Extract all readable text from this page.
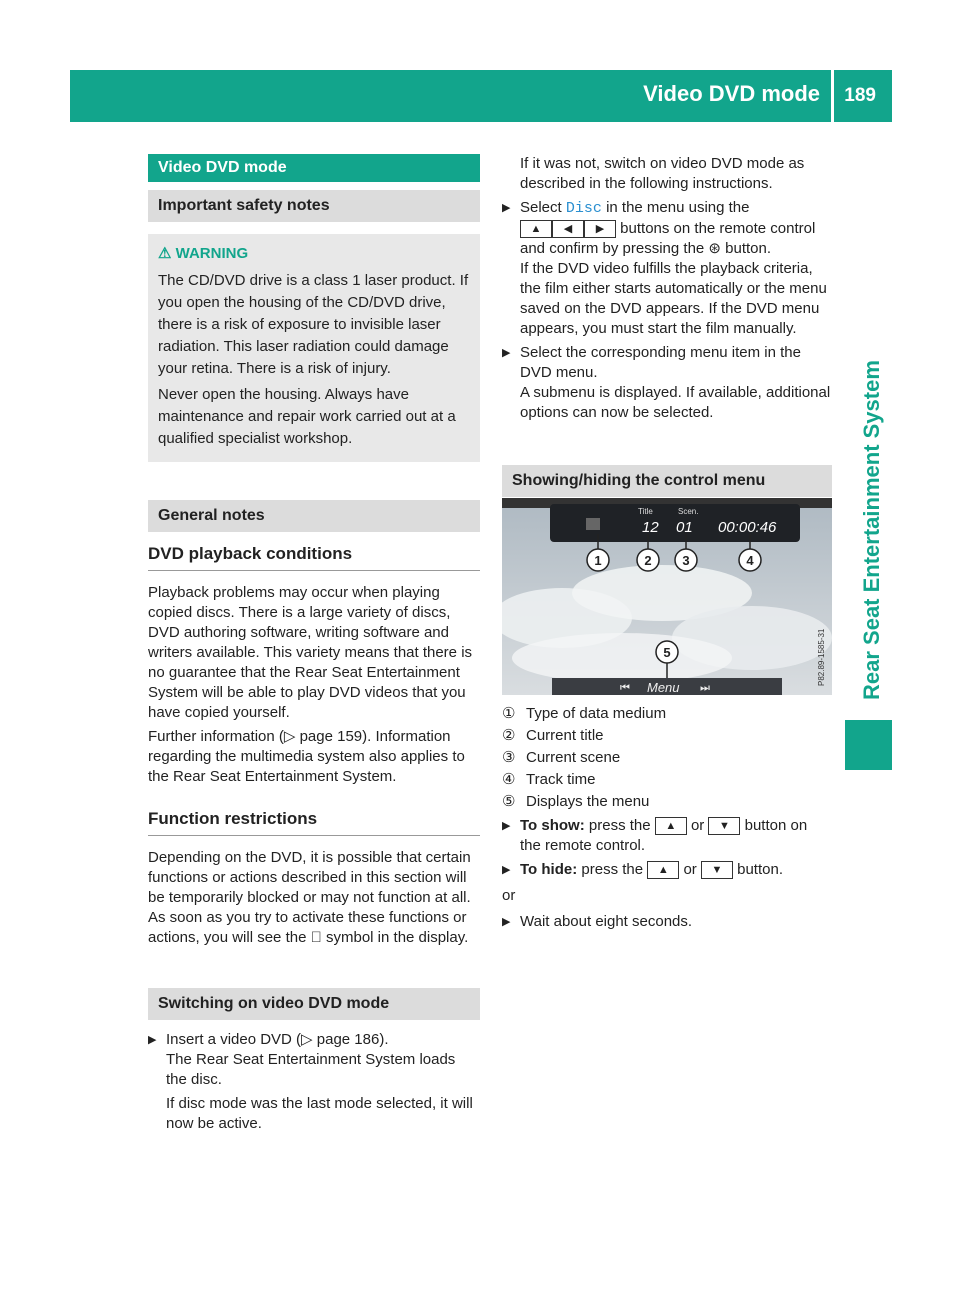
Video DVD mode 189
Rear Seat Entertainment System
Video DVD mode
Important safety notes
⚠ WARNING

The CD/DVD drive is a class 1 laser product. If you open the housing of the CD/DVD drive, there is a risk of exposure to invisible laser radiation. This laser radiation could damage your retina. There is a risk of injury.

Never open the housing. Always have maintenance and repair work carried out at a qualified specialist workshop.

General notes
DVD playback conditions

Playback problems may occur when playing copied discs. There is a large variety of discs, DVD authoring software, writing software and writers available. This variety means that there is no guarantee that the Rear Seat Entertainment System will be able to play DVD videos that you have copied yourself.

Further information (▷ page 159). Information regarding the multimedia system also applies to the Rear Seat Entertainment System.

Function restrictions

Depending on the DVD, it is possible that certain functions or actions described in this section will be temporarily blocked or may not function at all. As soon as you try to activate these functions or actions, you will see the ⃠ symbol in the display.

Switching on video DVD mode
▶ Insert a video DVD (▷ page 186).
The Rear Seat Entertainment System loads the disc.
If disc mode was the last mode selected, it will now be active.
If it was not, switch on video DVD mode as described in the following instructions.
▶ Select Disc in the menu using the
▲ ◀ ▶ buttons on the remote control and confirm by pressing the ⊛ button.
If the DVD video fulfills the playback criteria, the film either starts automatically or the menu saved on the DVD appears. If the DVD menu appears, you must start the film manually.
▶ Select the corresponding menu item in the DVD menu.
A submenu is displayed. If available, additional options can now be selected.
Showing/hiding the control menu
Title	Scen.
12 01 00:00:46
1	2 3	4
5
⏮ Menu ⏭
P82.89-1585-31
① Type of data medium
② Current title
③ Current scene
④ Track time
⑤ Displays the menu
▶ To show: press the ▲ or ▼ button on the remote control.
▶ To hide: press the ▲ or ▼ button.
or
▶ Wait about eight seconds.
